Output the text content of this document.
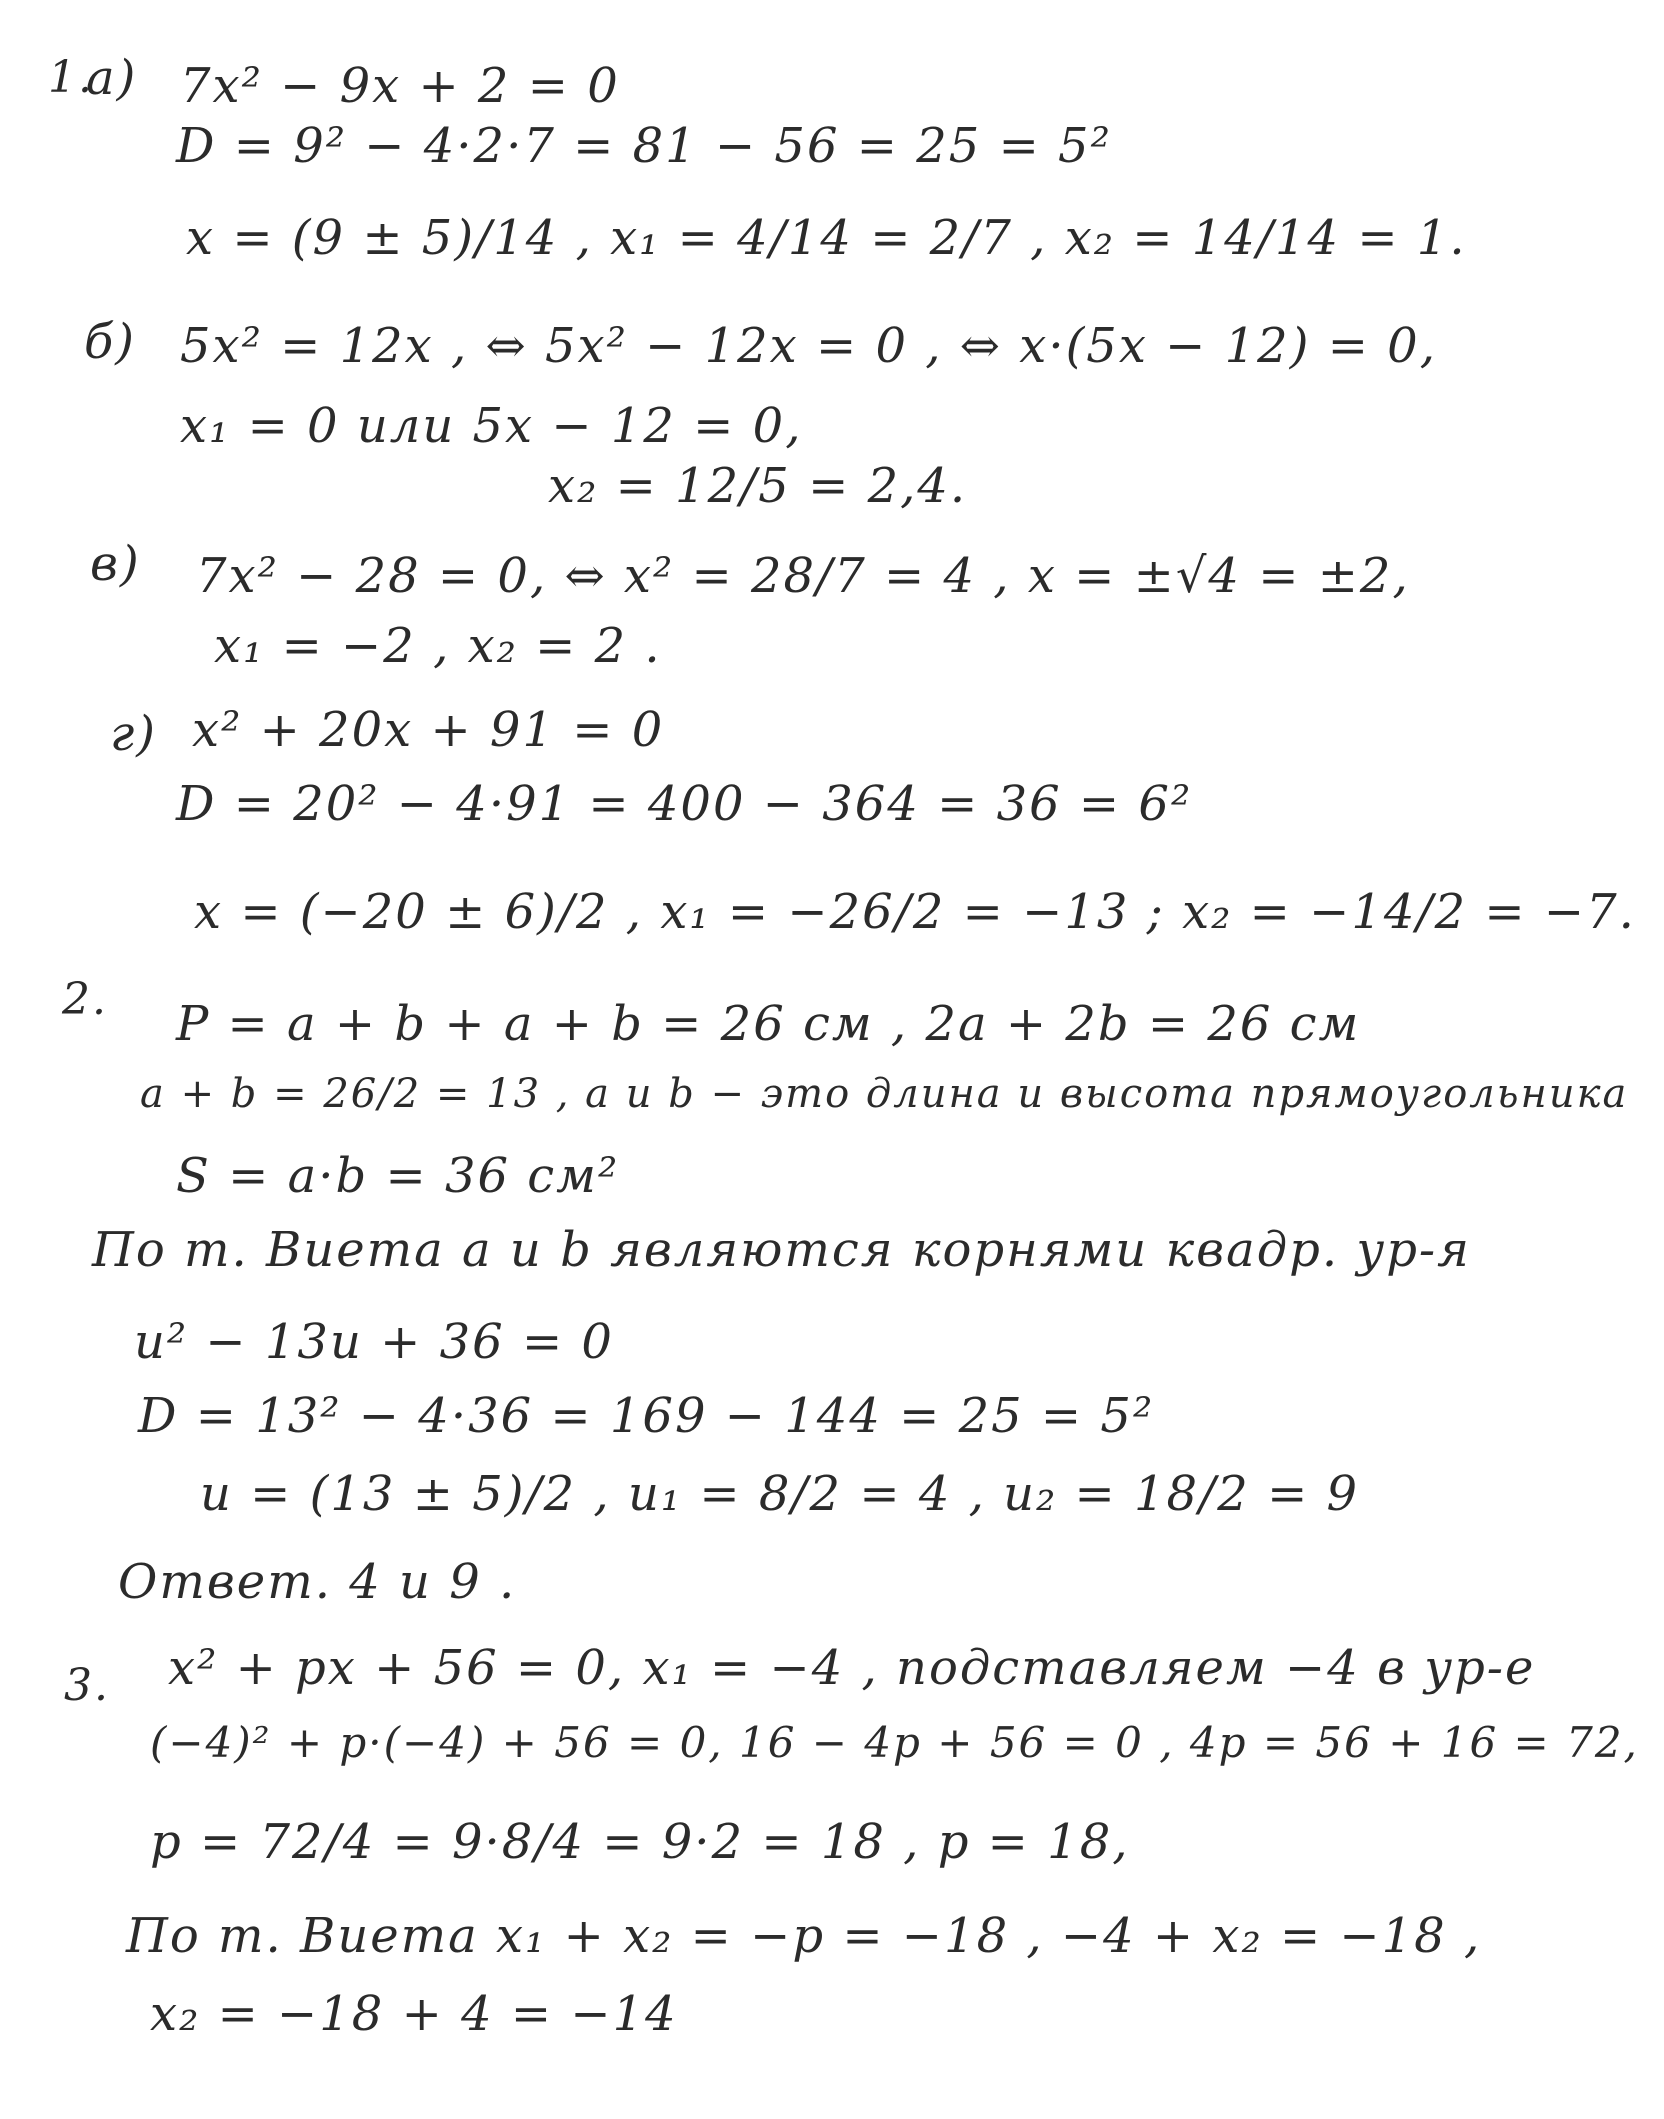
1.
а) 7x² − 9x + 2 = 0
D = 9² − 4·2·7 = 81 − 56 = 25 = 5²
x = (9 ± 5)/14 , x₁ = 4/14 = 2/7 , x₂ = 14/14 = 1.
б) 5x² = 12x , ⇔ 5x² − 12x = 0 , ⇔ x·(5x − 12) = 0,
x₁ = 0 или 5x − 12 = 0,
x₂ = 12/5 = 2,4.
в) 7x² − 28 = 0, ⇔ x² = 28/7 = 4 , x = ±√4 = ±2,
x₁ = −2 , x₂ = 2 .
г) x² + 20x + 91 = 0
D = 20² − 4·91 = 400 − 364 = 36 = 6²
x = (−20 ± 6)/2 , x₁ = −26/2 = −13 ; x₂ = −14/2 = −7.
2. P = a + b + a + b = 26 см , 2a + 2b = 26 см
a + b = 26/2 = 13 , a и b − это длина и высота прямоугольника
S = a·b = 36 см²
По т. Виета a и b являются корнями квадр. ур-я
u² − 13u + 36 = 0
D = 13² − 4·36 = 169 − 144 = 25 = 5²
u = (13 ± 5)/2 , u₁ = 8/2 = 4 , u₂ = 18/2 = 9
Ответ. 4 и 9 .
3. x² + px + 56 = 0, x₁ = −4 , подставляем −4 в ур-е
(−4)² + p·(−4) + 56 = 0, 16 − 4p + 56 = 0 , 4p = 56 + 16 = 72,
p = 72/4 = 9·8/4 = 9·2 = 18 , p = 18,
По т. Виета x₁ + x₂ = −p = −18 , −4 + x₂ = −18 ,
x₂ = −18 + 4 = −14
